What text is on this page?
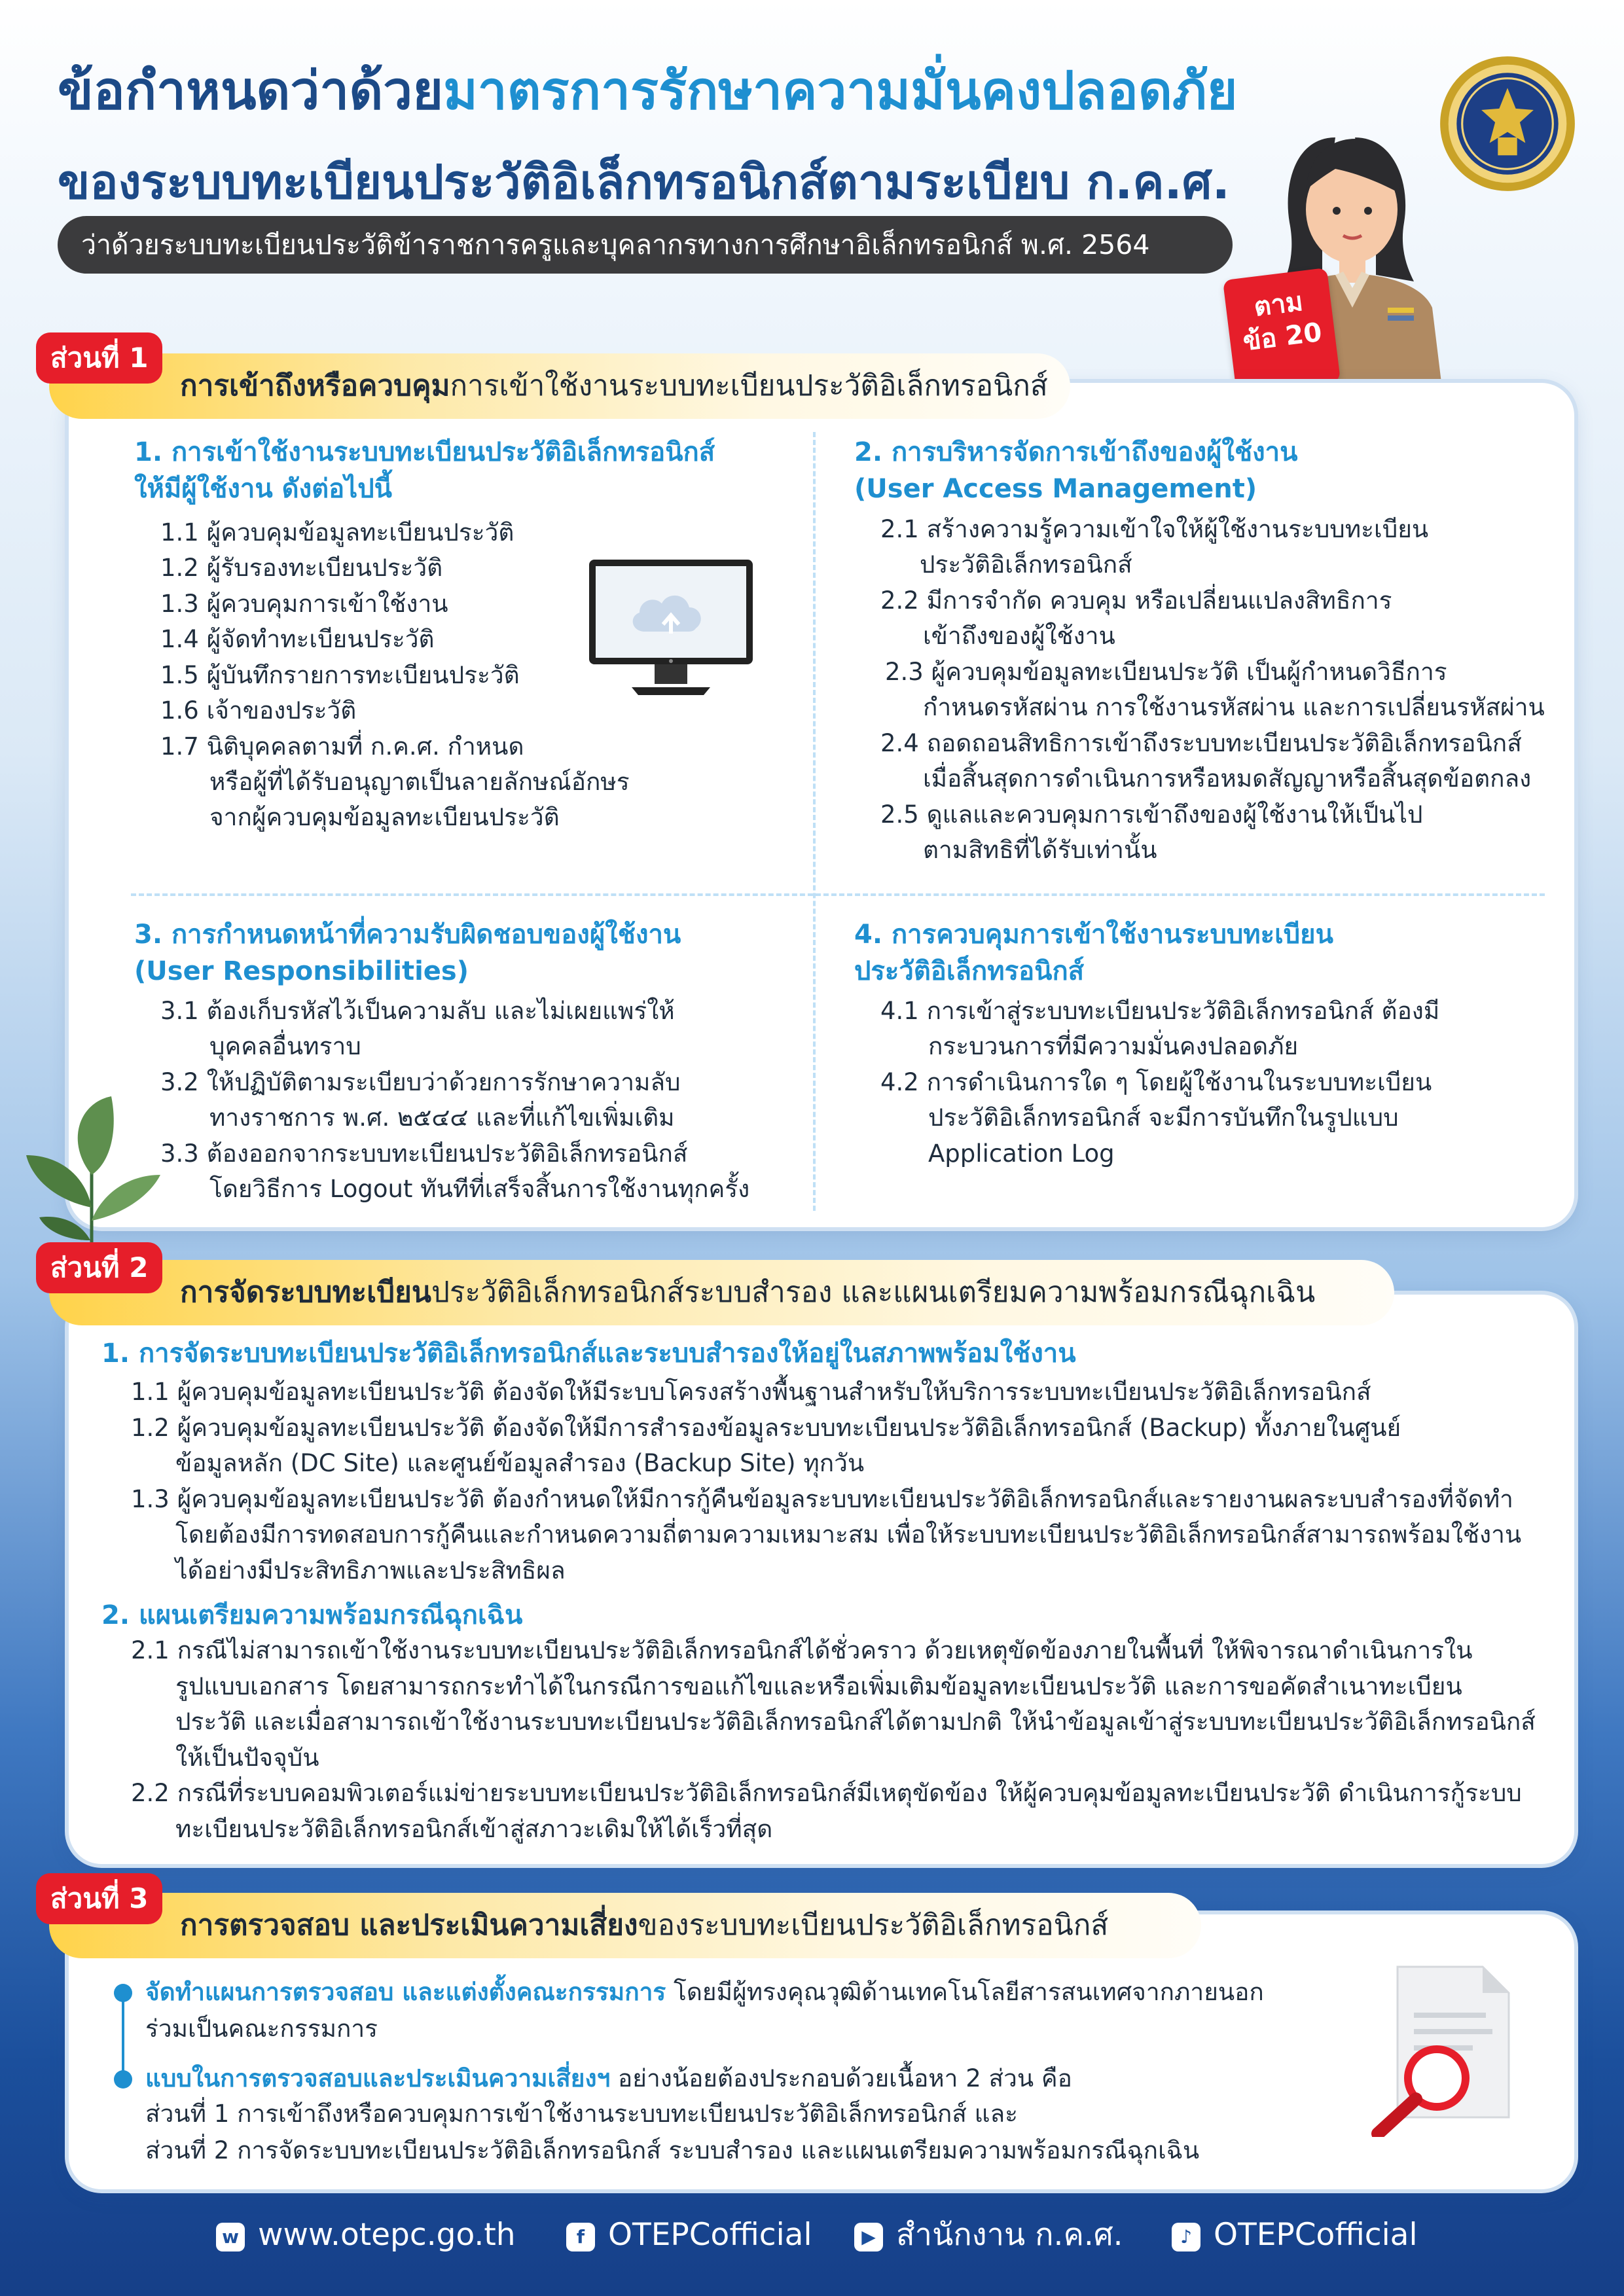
ข้อกำหนดว่าด้วยมาตรการรักษาความมั่นคงปลอดภัย
ของระบบทะเบียนประวัติอิเล็กทรอนิกส์ตามระเบียบ ก.ค.ศ.
ว่าด้วยระบบทะเบียนประวัติข้าราชการครูและบุคลากรทางการศึกษาอิเล็กทรอนิกส์ พ.ศ. 2564
ตาม
ข้อ 20
การเข้าถึงหรือควบคุมการเข้าใช้งานระบบทะเบียนประวัติอิเล็กทรอนิกส์
ส่วนที่ 1
1. การเข้าใช้งานระบบทะเบียนประวัติอิเล็กทรอนิกส์
ให้มีผู้ใช้งาน ดังต่อไปนี้
1.1 ผู้ควบคุมข้อมูลทะเบียนประวัติ
1.2 ผู้รับรองทะเบียนประวัติ
1.3 ผู้ควบคุมการเข้าใช้งาน
1.4 ผู้จัดทำทะเบียนประวัติ
1.5 ผู้บันทึกรายการทะเบียนประวัติ
1.6 เจ้าของประวัติ
1.7 นิติบุคคลตามที่ ก.ค.ศ. กำหนด
หรือผู้ที่ได้รับอนุญาตเป็นลายลักษณ์อักษร
จากผู้ควบคุมข้อมูลทะเบียนประวัติ
2. การบริหารจัดการเข้าถึงของผู้ใช้งาน
(User Access Management)
2.1 สร้างความรู้ความเข้าใจให้ผู้ใช้งานระบบทะเบียน
ประวัติอิเล็กทรอนิกส์
2.2 มีการจำกัด ควบคุม หรือเปลี่ยนแปลงสิทธิการ
เข้าถึงของผู้ใช้งาน
2.3 ผู้ควบคุมข้อมูลทะเบียนประวัติ เป็นผู้กำหนดวิธีการ
กำหนดรหัสผ่าน การใช้งานรหัสผ่าน และการเปลี่ยนรหัสผ่าน
2.4 ถอดถอนสิทธิการเข้าถึงระบบทะเบียนประวัติอิเล็กทรอนิกส์
เมื่อสิ้นสุดการดำเนินการหรือหมดสัญญาหรือสิ้นสุดข้อตกลง
2.5 ดูแลและควบคุมการเข้าถึงของผู้ใช้งานให้เป็นไป
ตามสิทธิที่ได้รับเท่านั้น
3. การกำหนดหน้าที่ความรับผิดชอบของผู้ใช้งาน
(User Responsibilities)
3.1 ต้องเก็บรหัสไว้เป็นความลับ และไม่เผยแพร่ให้
บุคคลอื่นทราบ
3.2 ให้ปฏิบัติตามระเบียบว่าด้วยการรักษาความลับ
ทางราชการ พ.ศ. ๒๕๔๔ และที่แก้ไขเพิ่มเติม
3.3 ต้องออกจากระบบทะเบียนประวัติอิเล็กทรอนิกส์
โดยวิธีการ Logout ทันทีที่เสร็จสิ้นการใช้งานทุกครั้ง
4. การควบคุมการเข้าใช้งานระบบทะเบียน
ประวัติอิเล็กทรอนิกส์
4.1 การเข้าสู่ระบบทะเบียนประวัติอิเล็กทรอนิกส์ ต้องมี
กระบวนการที่มีความมั่นคงปลอดภัย
4.2 การดำเนินการใด ๆ โดยผู้ใช้งานในระบบทะเบียน
ประวัติอิเล็กทรอนิกส์ จะมีการบันทึกในรูปแบบ
Application Log
การจัดระบบทะเบียนประวัติอิเล็กทรอนิกส์ระบบสำรอง และแผนเตรียมความพร้อมกรณีฉุกเฉิน
ส่วนที่ 2
1. การจัดระบบทะเบียนประวัติอิเล็กทรอนิกส์และระบบสำรองให้อยู่ในสภาพพร้อมใช้งาน
1.1 ผู้ควบคุมข้อมูลทะเบียนประวัติ ต้องจัดให้มีระบบโครงสร้างพื้นฐานสำหรับให้บริการระบบทะเบียนประวัติอิเล็กทรอนิกส์
1.2 ผู้ควบคุมข้อมูลทะเบียนประวัติ ต้องจัดให้มีการสำรองข้อมูลระบบทะเบียนประวัติอิเล็กทรอนิกส์ (Backup) ทั้งภายในศูนย์
ข้อมูลหลัก (DC Site) และศูนย์ข้อมูลสำรอง (Backup Site) ทุกวัน
1.3 ผู้ควบคุมข้อมูลทะเบียนประวัติ ต้องกำหนดให้มีการกู้คืนข้อมูลระบบทะเบียนประวัติอิเล็กทรอนิกส์และรายงานผลระบบสำรองที่จัดทำ
โดยต้องมีการทดสอบการกู้คืนและกำหนดความถี่ตามความเหมาะสม เพื่อให้ระบบทะเบียนประวัติอิเล็กทรอนิกส์สามารถพร้อมใช้งาน
ได้อย่างมีประสิทธิภาพและประสิทธิผล
2. แผนเตรียมความพร้อมกรณีฉุกเฉิน
2.1 กรณีไม่สามารถเข้าใช้งานระบบทะเบียนประวัติอิเล็กทรอนิกส์ได้ชั่วคราว ด้วยเหตุขัดข้องภายในพื้นที่ ให้พิจารณาดำเนินการใน
รูปแบบเอกสาร โดยสามารถกระทำได้ในกรณีการขอแก้ไขและหรือเพิ่มเติมข้อมูลทะเบียนประวัติ และการขอคัดสำเนาทะเบียน
ประวัติ และเมื่อสามารถเข้าใช้งานระบบทะเบียนประวัติอิเล็กทรอนิกส์ได้ตามปกติ ให้นำข้อมูลเข้าสู่ระบบทะเบียนประวัติอิเล็กทรอนิกส์
ให้เป็นปัจจุบัน
2.2 กรณีที่ระบบคอมพิวเตอร์แม่ข่ายระบบทะเบียนประวัติอิเล็กทรอนิกส์มีเหตุขัดข้อง ให้ผู้ควบคุมข้อมูลทะเบียนประวัติ ดำเนินการกู้ระบบ
ทะเบียนประวัติอิเล็กทรอนิกส์เข้าสู่สภาวะเดิมให้ได้เร็วที่สุด
การตรวจสอบ และประเมินความเสี่ยงของระบบทะเบียนประวัติอิเล็กทรอนิกส์
ส่วนที่ 3
จัดทำแผนการตรวจสอบ และแต่งตั้งคณะกรรมการ โดยมีผู้ทรงคุณวุฒิด้านเทคโนโลยีสารสนเทศจากภายนอก
ร่วมเป็นคณะกรรมการ
แบบในการตรวจสอบและประเมินความเสี่ยงฯ อย่างน้อยต้องประกอบด้วยเนื้อหา 2 ส่วน คือ
ส่วนที่ 1 การเข้าถึงหรือควบคุมการเข้าใช้งานระบบทะเบียนประวัติอิเล็กทรอนิกส์ และ
ส่วนที่ 2 การจัดระบบทะเบียนประวัติอิเล็กทรอนิกส์ ระบบสำรอง และแผนเตรียมความพร้อมกรณีฉุกเฉิน
w www.otepc.go.th	f OTEPCofficial	▶ สำนักงาน ก.ค.ศ.	♪ OTEPCofficial
